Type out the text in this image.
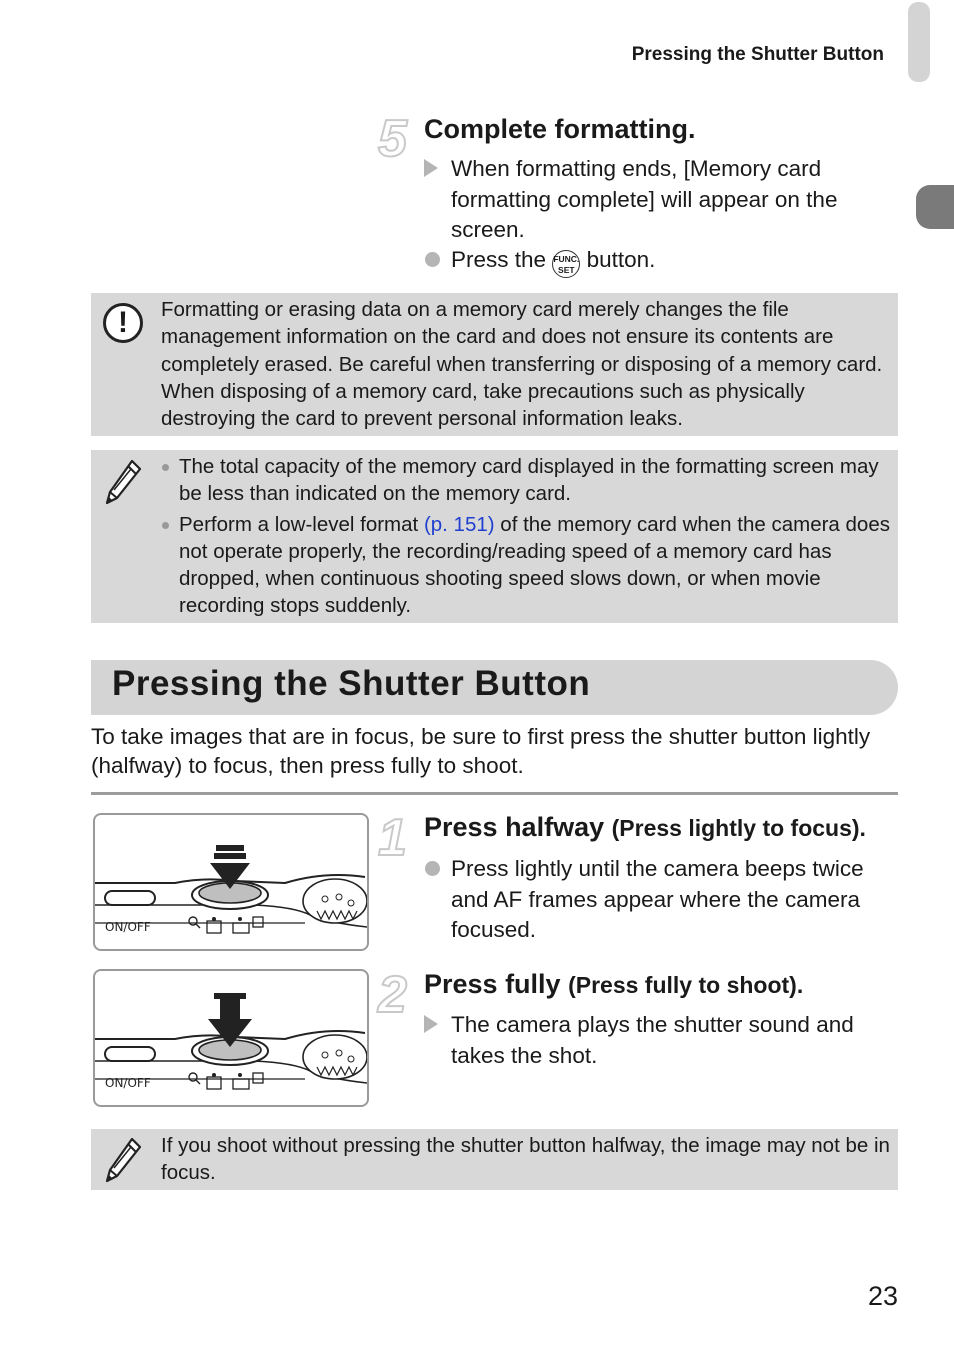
Pressing the Shutter Button
5 Complete formatting.
When formatting ends, [Memory card formatting complete] will appear on the screen.
Press the FUNC.
SET button.
!	Formatting or erasing data on a memory card merely changes the file management information on the card and does not ensure its contents are completely erased. Be careful when transferring or disposing of a memory card. When disposing of a memory card, take precautions such as physically destroying the card to prevent personal information leaks.
The total capacity of the memory card displayed in the formatting screen may be less than indicated on the memory card.
Perform a low-level format (p. 151) of the memory card when the camera does not operate properly, the recording/reading speed of a memory card has dropped, when continuous shooting speed slows down, or when movie recording stops suddenly.
Pressing the Shutter Button
To take images that are in focus, be sure to first press the shutter button lightly (halfway) to focus, then press fully to shoot.
ON/OFF
1 Press halfway (Press lightly to focus).
Press lightly until the camera beeps twice and AF frames appear where the camera focused.
ON/OFF
2 Press fully (Press fully to shoot).
The camera plays the shutter sound and takes the shot.
If you shoot without pressing the shutter button halfway, the image may not be in focus.
23
